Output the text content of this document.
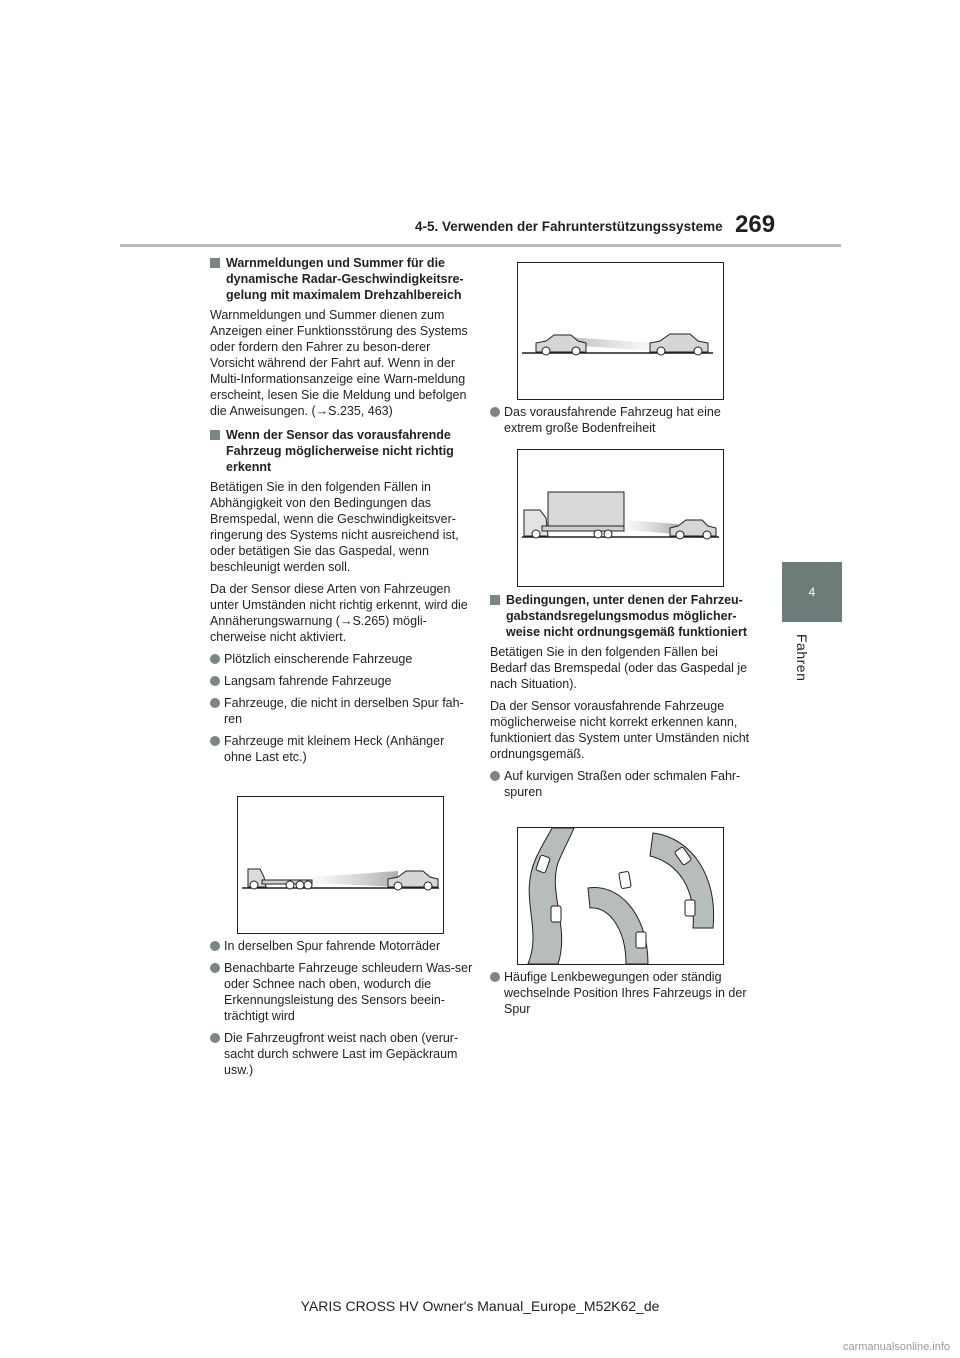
4-5. Verwenden der Fahrunterstützungssysteme 269
4
Fahren
Warnmeldungen und Summer für die dynamische Radar-Geschwindigkeitsre-gelung mit maximalem Drehzahlbereich

Warnmeldungen und Summer dienen zum Anzeigen einer Funktionsstörung des Systems oder fordern den Fahrer zu beson-derer Vorsicht während der Fahrt auf. Wenn in der Multi-Informationsanzeige eine Warn-meldung erscheint, lesen Sie die Meldung und befolgen die Anweisungen. (→S.235, 463)

Wenn der Sensor das vorausfahrende Fahrzeug möglicherweise nicht richtig erkennt

Betätigen Sie in den folgenden Fällen in Abhängigkeit von den Bedingungen das Bremspedal, wenn die Geschwindigkeitsver-ringerung des Systems nicht ausreichend ist, oder betätigen Sie das Gaspedal, wenn beschleunigt werden soll.

Da der Sensor diese Arten von Fahrzeugen unter Umständen nicht richtig erkennt, wird die Annäherungswarnung (→S.265) mögli-cherweise nicht aktiviert.

Plötzlich einscherende Fahrzeuge
Langsam fahrende Fahrzeuge
Fahrzeuge, die nicht in derselben Spur fah-ren
Fahrzeuge mit kleinem Heck (Anhänger ohne Last etc.)
In derselben Spur fahrende Motorräder
Benachbarte Fahrzeuge schleudern Was-ser oder Schnee nach oben, wodurch die Erkennungsleistung des Sensors beein-trächtigt wird
Die Fahrzeugfront weist nach oben (verur-sacht durch schwere Last im Gepäckraum usw.)
Das vorausfahrende Fahrzeug hat eine extrem große Bodenfreiheit
Bedingungen, unter denen der Fahrzeu-gabstandsregelungsmodus möglicher-weise nicht ordnungsgemäß funktioniert

Betätigen Sie in den folgenden Fällen bei Bedarf das Bremspedal (oder das Gaspedal je nach Situation).

Da der Sensor vorausfahrende Fahrzeuge möglicherweise nicht korrekt erkennen kann, funktioniert das System unter Umständen nicht ordnungsgemäß.

Auf kurvigen Straßen oder schmalen Fahr-spuren
Häufige Lenkbewegungen oder ständig wechselnde Position Ihres Fahrzeugs in der Spur
YARIS CROSS HV Owner's Manual_Europe_M52K62_de
carmanualsonline.info
